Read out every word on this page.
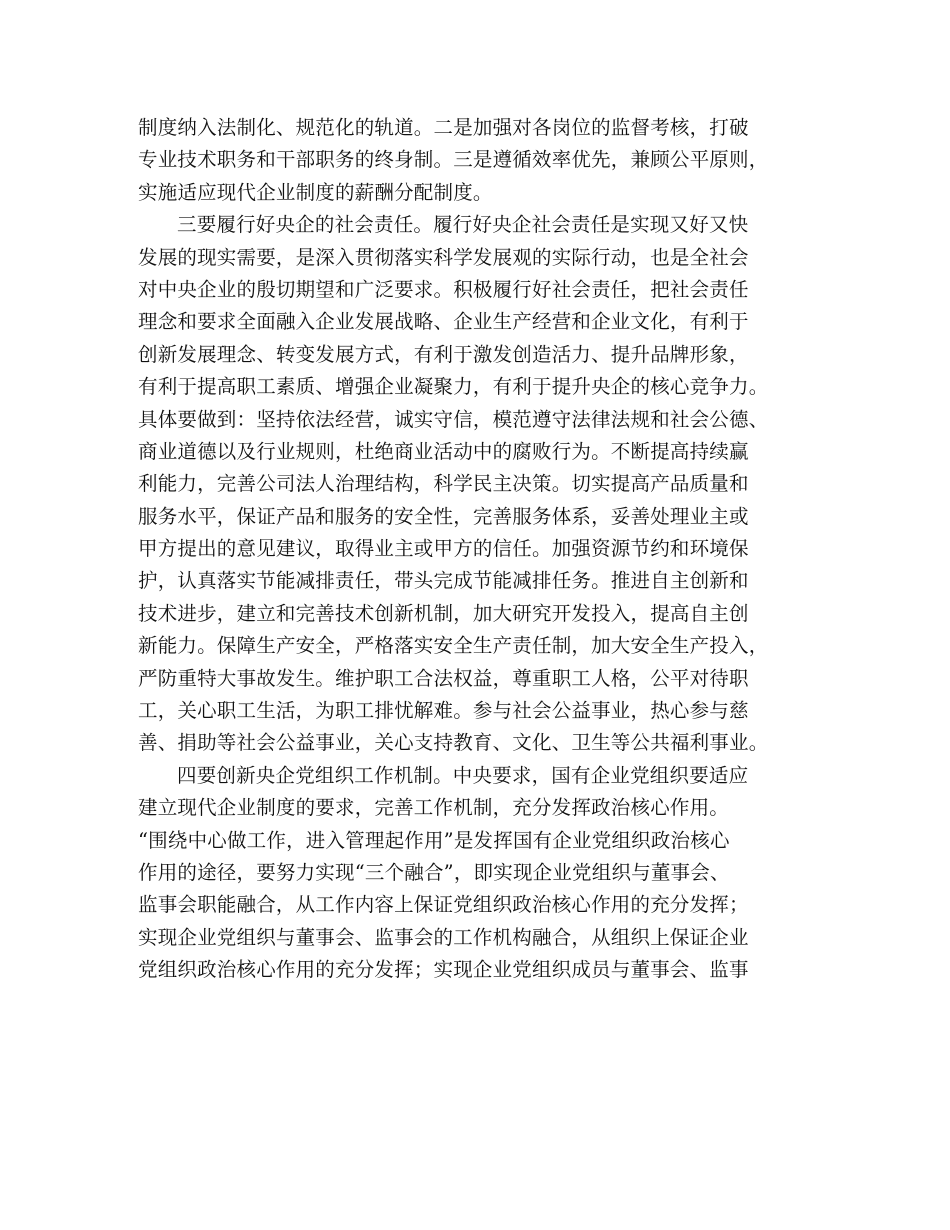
制度纳入法制化、规范化的轨道。二是加强对各岗位的监督考核，打破
专业技术职务和干部职务的终身制。三是遵循效率优先，兼顾公平原则，
实施适应现代企业制度的薪酬分配制度。
三要履行好央企的社会责任。履行好央企社会责任是实现又好又快
发展的现实需要，是深入贯彻落实科学发展观的实际行动，也是全社会
对中央企业的殷切期望和广泛要求。积极履行好社会责任，把社会责任
理念和要求全面融入企业发展战略、企业生产经营和企业文化，有利于
创新发展理念、转变发展方式，有利于激发创造活力、提升品牌形象，
有利于提高职工素质、增强企业凝聚力，有利于提升央企的核心竞争力。
具体要做到：坚持依法经营，诚实守信，模范遵守法律法规和社会公德、
商业道德以及行业规则，杜绝商业活动中的腐败行为。不断提高持续赢
利能力，完善公司法人治理结构，科学民主决策。切实提高产品质量和
服务水平，保证产品和服务的安全性，完善服务体系，妥善处理业主或
甲方提出的意见建议，取得业主或甲方的信任。加强资源节约和环境保
护，认真落实节能减排责任，带头完成节能减排任务。推进自主创新和
技术进步，建立和完善技术创新机制，加大研究开发投入，提高自主创
新能力。保障生产安全，严格落实安全生产责任制，加大安全生产投入，
严防重特大事故发生。维护职工合法权益，尊重职工人格，公平对待职
工，关心职工生活，为职工排忧解难。参与社会公益事业，热心参与慈
善、捐助等社会公益事业，关心支持教育、文化、卫生等公共福利事业。
四要创新央企党组织工作机制。中央要求，国有企业党组织要适应
建立现代企业制度的要求，完善工作机制，充分发挥政治核心作用。
“围绕中心做工作，进入管理起作用”是发挥国有企业党组织政治核心
作用的途径，要努力实现“三个融合”，即实现企业党组织与董事会、
监事会职能融合，从工作内容上保证党组织政治核心作用的充分发挥；
实现企业党组织与董事会、监事会的工作机构融合，从组织上保证企业
党组织政治核心作用的充分发挥；实现企业党组织成员与董事会、监事
